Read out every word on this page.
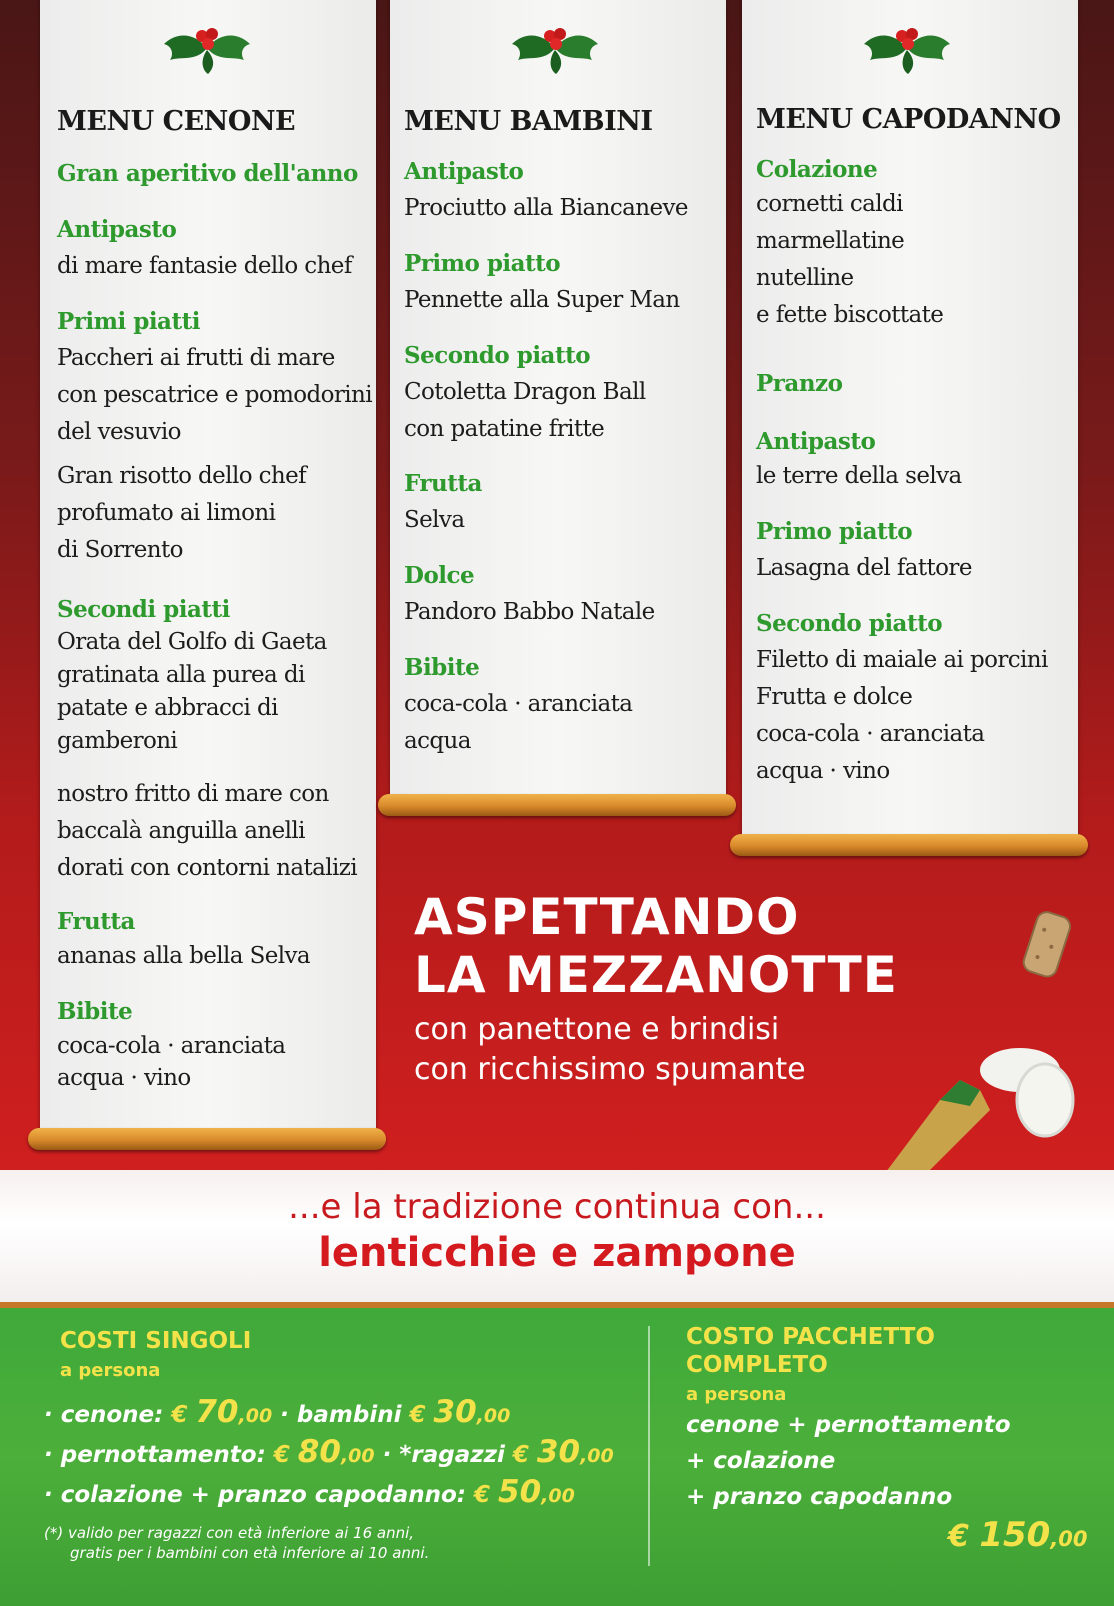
MENU CENONE
Gran aperitivo dell'anno
Antipasto
di mare fantasie dello chef
Primi piatti
Paccheri ai frutti di mare
con pescatrice e pomodorini
del vesuvio
Gran risotto dello chef
profumato ai limoni
di Sorrento
Secondi piatti
Orata del Golfo di Gaeta
gratinata alla purea di
patate e abbracci di
gamberoni
nostro fritto di mare con
baccalà anguilla anelli
dorati con contorni natalizi
Frutta
ananas alla bella Selva
Bibite
coca-cola · aranciata
acqua · vino
MENU BAMBINI
Antipasto
Prociutto alla Biancaneve
Primo piatto
Pennette alla Super Man
Secondo piatto
Cotoletta Dragon Ball
con patatine fritte
Frutta
Selva
Dolce
Pandoro Babbo Natale
Bibite
coca-cola · aranciata
acqua
MENU CAPODANNO
Colazione
cornetti caldi
marmellatine
nutelline
e fette biscottate
Pranzo
Antipasto
le terre della selva
Primo piatto
Lasagna del fattore
Secondo piatto
Filetto di maiale ai porcini
Frutta e dolce
coca-cola · aranciata
acqua · vino
ASPETTANDO
LA MEZZANOTTE
con panettone e brindisi
con ricchissimo spumante
...e la tradizione continua con...
lenticchie e zampone
COSTI SINGOLI
a persona
· cenone: € 70,00 · bambini € 30,00
· pernottamento: € 80,00 · *ragazzi € 30,00
· colazione + pranzo capodanno: € 50,00
(*) valido per ragazzi con età inferiore ai 16 anni,
gratis per i bambini con età inferiore ai 10 anni.
COSTO PACCHETTO
COMPLETO
a persona
cenone + pernottamento
+ colazione
+ pranzo capodanno
€ 150,00
